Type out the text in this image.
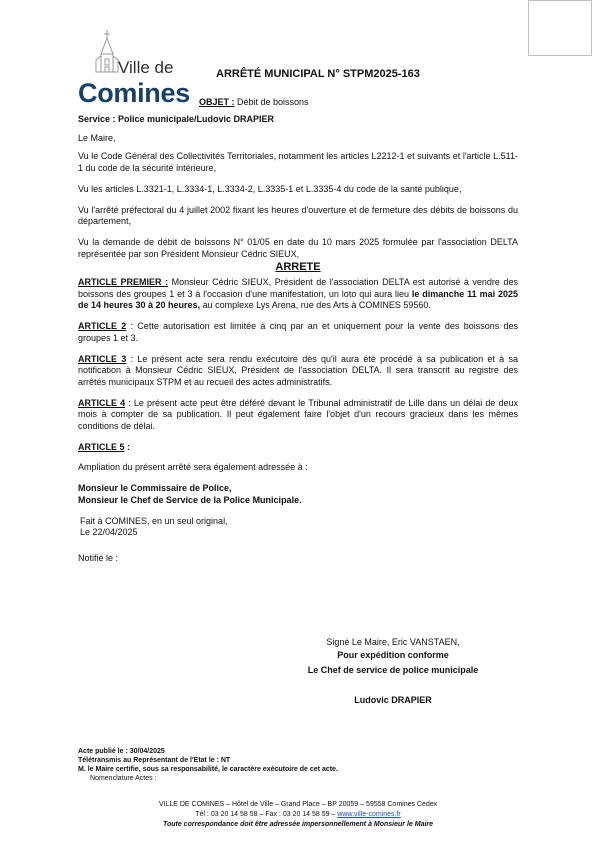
Ville de
Comines
ARRÊTÉ MUNICIPAL N° STPM2025-163
OBJET : Débit de boissons

Service : Police municipale/Ludovic DRAPIER

Le Maire,

Vu le Code Général des Collectivités Territoriales, notamment les articles L2212-1 et suivants et l'article L.511-1 du code de la sécurité intérieure,

Vu les articles L.3321-1, L.3334-1, L.3334-2, L.3335-1 et L.3335-4 du code de la santé publique,

Vu l'arrêté préfectoral du 4 juillet 2002 fixant les heures d'ouverture et de fermeture des débits de boissons du département,

Vu la demande de débit de boissons N° 01/05 en date du 10 mars 2025 formulée par l'association DELTA représentée par son Président Monsieur Cédric SIEUX,

ARRETE

ARTICLE PREMIER : Monsieur Cédric SIEUX, Président de l'association DELTA est autorisé à vendre des boissons des groupes 1 et 3 à l'occasion d'une manifestation, un loto qui aura lieu le dimanche 11 mai 2025 de 14 heures 30 à 20 heures, au complexe Lys Arena, rue des Arts à COMINES 59560.

ARTICLE 2 : Cette autorisation est limitée à cinq par an et uniquement pour la vente des boissons des groupes 1 et 3.

ARTICLE 3 : Le présent acte sera rendu exécutoire dès qu'il aura été procédé à sa publication et à sa notification à Monsieur Cédric SIEUX, Président de l'association DELTA. Il sera transcrit au registre des arrêtés municipaux STPM et au recueil des actes administratifs.

ARTICLE 4 : Le présent acte peut être déféré devant le Tribunal administratif de Lille dans un délai de deux mois à compter de sa publication. Il peut également faire l'objet d'un recours gracieux dans les mêmes conditions de délai.

ARTICLE 5 :

Ampliation du présent arrêté sera également adressée à :

Monsieur le Commissaire de Police,

Monsieur le Chef de Service de la Police Municipale.

Fait à COMINES, en un seul original,

Le 22/04/2025

Notifié le :

Signé Le Maire, Eric VANSTAEN,
Pour expédition conforme
Le Chef de service de police municipale
Ludovic DRAPIER
Acte publié le : 30/04/2025
Télétransmis au Représentant de l'Etat le : NT
M. le Maire certifie, sous sa responsabilité, le caractère exécutoire de cet acte.
Nomenclature Actes :
VILLE DE COMINES – Hôtel de Ville – Grand Place – BP 20059 – 59558 Comines Cedex
Tél : 03 20 14 58 58 – Fax : 03 20 14 58 59 – www.ville-comines.fr
Toute correspondance doit être adressée impersonnellement à Monsieur le Maire
